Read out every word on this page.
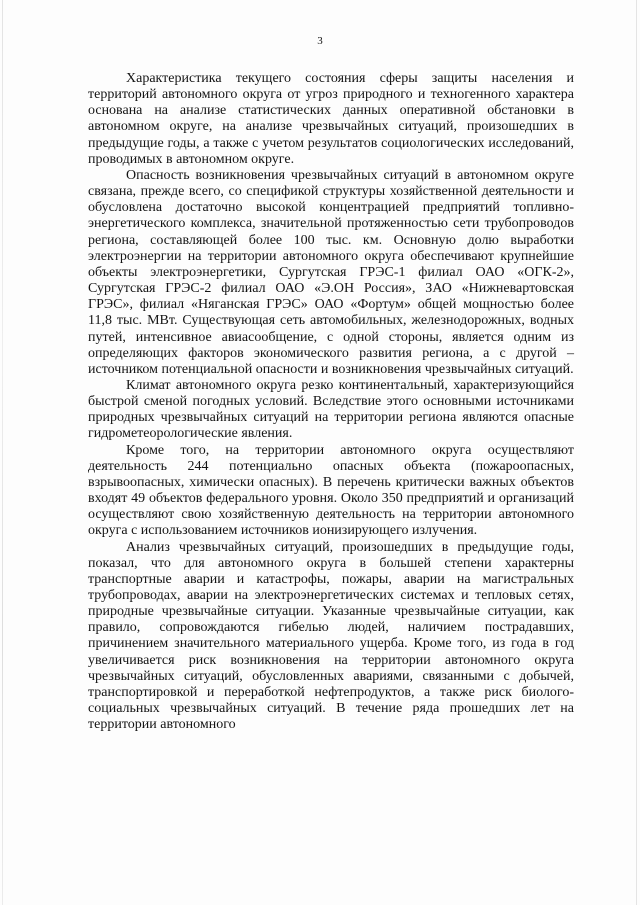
3

Характеристика текущего состояния сферы защиты населения и территорий автономного округа от угроз природного и техногенного характера основана на анализе статистических данных оперативной обстановки в автономном округе, на анализе чрезвычайных ситуаций, произошедших в предыдущие годы, а также с учетом результатов социологических исследований, проводимых в автономном округе.

Опасность возникновения чрезвычайных ситуаций в автономном округе связана, прежде всего, со спецификой структуры хозяйственной деятельности и обусловлена достаточно высокой концентрацией предприятий топливно-энергетического комплекса, значительной протяженностью сети трубопроводов региона, составляющей более 100 тыс. км. Основную долю выработки электроэнергии на территории автономного округа обеспечивают крупнейшие объекты электроэнергетики, Сургутская ГРЭС-1 филиал ОАО «ОГК-2», Сургутская ГРЭС-2 филиал ОАО «Э.ОН Россия», ЗАО «Нижневартовская ГРЭС», филиал «Няганская ГРЭС» ОАО «Фортум» общей мощностью более 11,8 тыс. МВт. Существующая сеть автомобильных, железнодорожных, водных путей, интенсивное авиасообщение, с одной стороны, является одним из определяющих факторов экономического развития региона, а с другой – источником потенциальной опасности и возникновения чрезвычайных ситуаций.

Климат автономного округа резко континентальный, характеризующийся быстрой сменой погодных условий. Вследствие этого основными источниками природных чрезвычайных ситуаций на территории региона являются опасные гидрометеорологические явления.

Кроме того, на территории автономного округа осуществляют деятельность 244 потенциально опасных объекта (пожароопасных, взрывоопасных, химически опасных). В перечень критически важных объектов входят 49 объектов федерального уровня. Около 350 предприятий и организаций осуществляют свою хозяйственную деятельность на территории автономного округа с использованием источников ионизирующего излучения.

Анализ чрезвычайных ситуаций, произошедших в предыдущие годы, показал, что для автономного округа в большей степени характерны транспортные аварии и катастрофы, пожары, аварии на магистральных трубопроводах, аварии на электроэнергетических системах и тепловых сетях, природные чрезвычайные ситуации. Указанные чрезвычайные ситуации, как правило, сопровождаются гибелью людей, наличием пострадавших, причинением значительного материального ущерба. Кроме того, из года в год увеличивается риск возникновения на территории автономного округа чрезвычайных ситуаций, обусловленных авариями, связанными с добычей, транспортировкой и переработкой нефтепродуктов, а также риск биолого-социальных чрезвычайных ситуаций. В течение ряда прошедших лет на территории автономного
